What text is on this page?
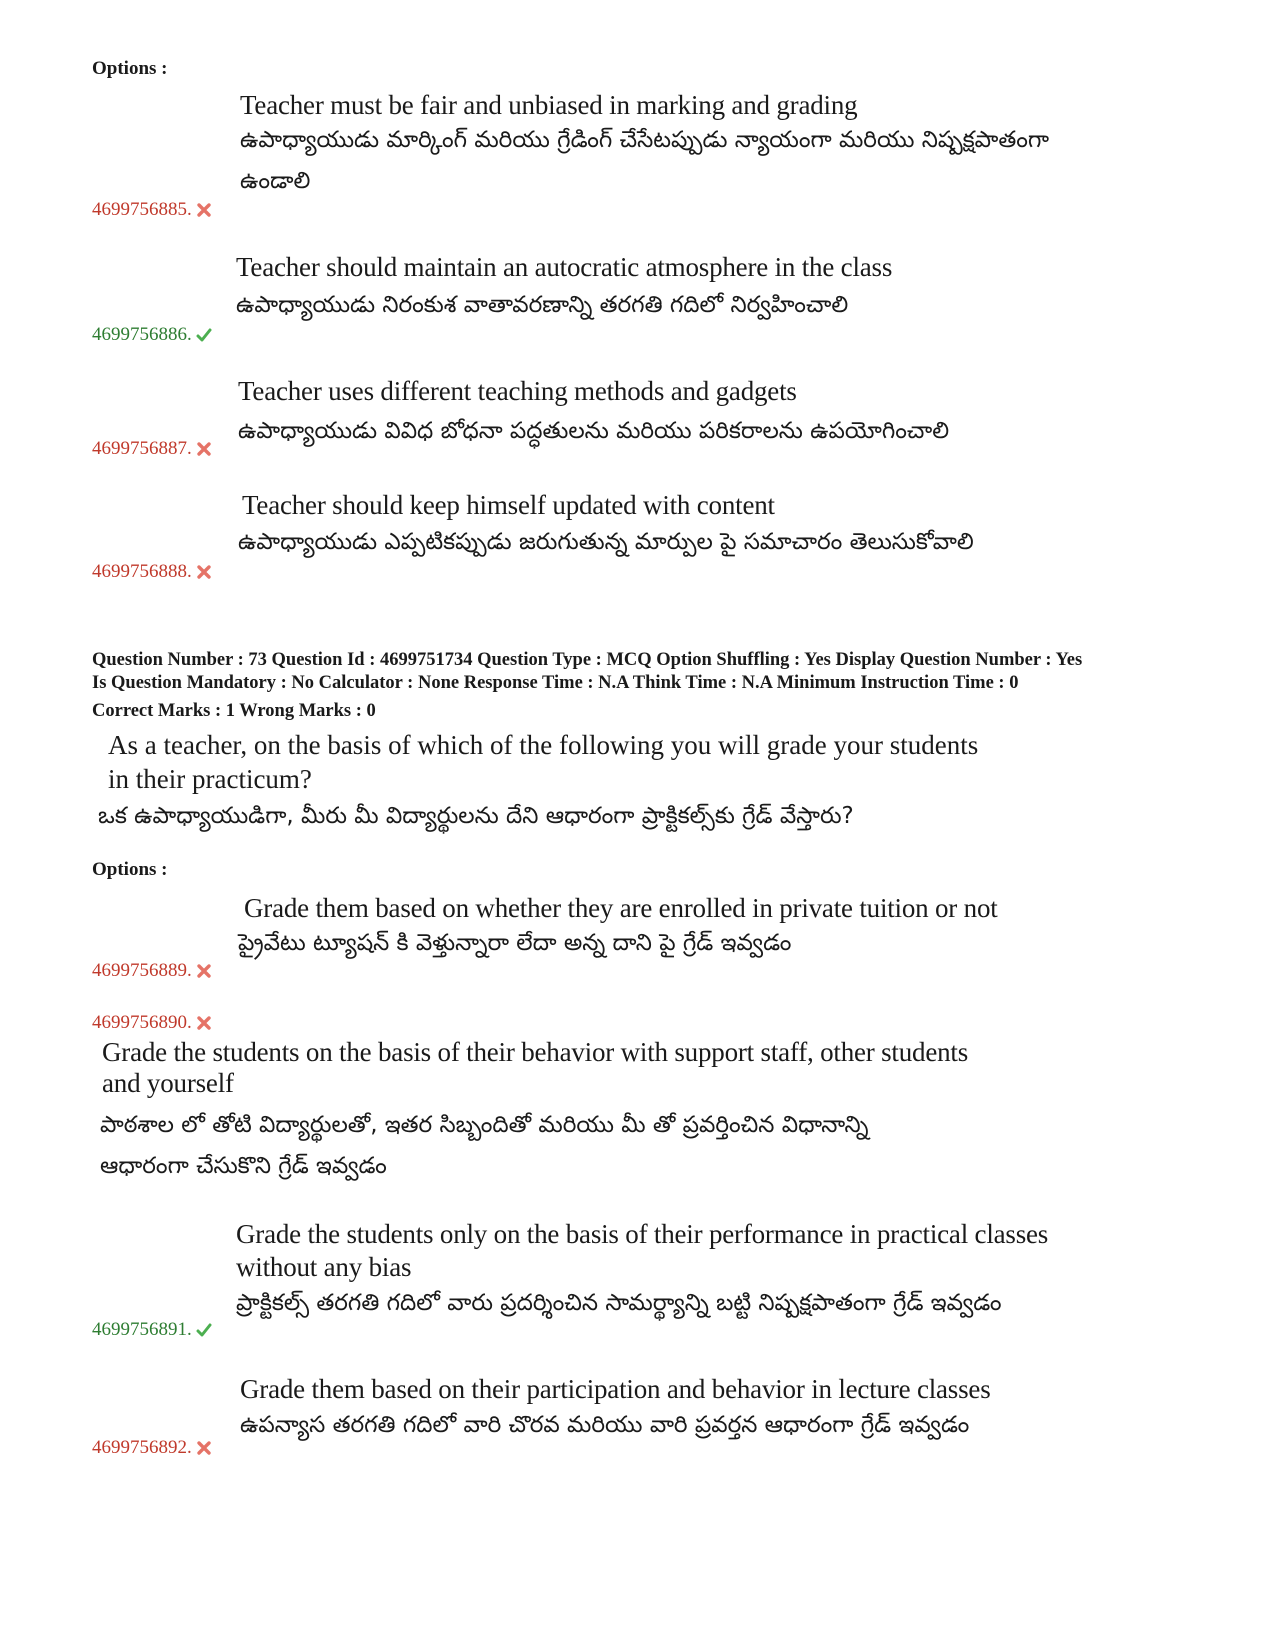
Options :
Teacher must be fair and unbiased in marking and grading
ఉపాధ్యాయుడు మార్కింగ్ మరియు గ్రేడింగ్ చేసేటప్పుడు న్యాయంగా మరియు నిష్పక్షపాతంగా
ఉండాలి
4699756885.
Teacher should maintain an autocratic atmosphere in the class
ఉపాధ్యాయుడు నిరంకుశ వాతావరణాన్ని తరగతి గదిలో నిర్వహించాలి
4699756886.
Teacher uses different teaching methods and gadgets
ఉపాధ్యాయుడు వివిధ బోధనా పద్ధతులను మరియు పరికరాలను ఉపయోగించాలి
4699756887.
Teacher should keep himself updated with content
ఉపాధ్యాయుడు ఎప్పటికప్పుడు జరుగుతున్న మార్పుల పై సమాచారం తెలుసుకోవాలి
4699756888.
Question Number : 73 Question Id : 4699751734 Question Type : MCQ Option Shuffling : Yes Display Question Number : Yes
Is Question Mandatory : No Calculator : None Response Time : N.A Think Time : N.A Minimum Instruction Time : 0
Correct Marks : 1 Wrong Marks : 0
As a teacher, on the basis of which of the following you will grade your students
in their practicum?
ఒక ఉపాధ్యాయుడిగా, మీరు మీ విద్యార్థులను దేని ఆధారంగా ప్రాక్టికల్స్‌కు గ్రేడ్ వేస్తారు?
Options :
Grade them based on whether they are enrolled in private tuition or not
ప్రైవేటు ట్యూషన్ కి వెళ్తున్నారా లేదా అన్న దాని పై గ్రేడ్ ఇవ్వడం
4699756889.
4699756890.
Grade the students on the basis of their behavior with support staff, other students
and yourself
పాఠశాల లో తోటి విద్యార్థులతో, ఇతర సిబ్బందితో మరియు మీ తో ప్రవర్తించిన విధానాన్ని
ఆధారంగా చేసుకొని గ్రేడ్ ఇవ్వడం
Grade the students only on the basis of their performance in practical classes
without any bias
ప్రాక్టికల్స్ తరగతి గదిలో వారు ప్రదర్శించిన సామర్థ్యాన్ని బట్టి నిష్పక్షపాతంగా గ్రేడ్ ఇవ్వడం
4699756891.
Grade them based on their participation and behavior in lecture classes
ఉపన్యాస తరగతి గదిలో వారి చొరవ మరియు వారి ప్రవర్తన ఆధారంగా గ్రేడ్ ఇవ్వడం
4699756892.
